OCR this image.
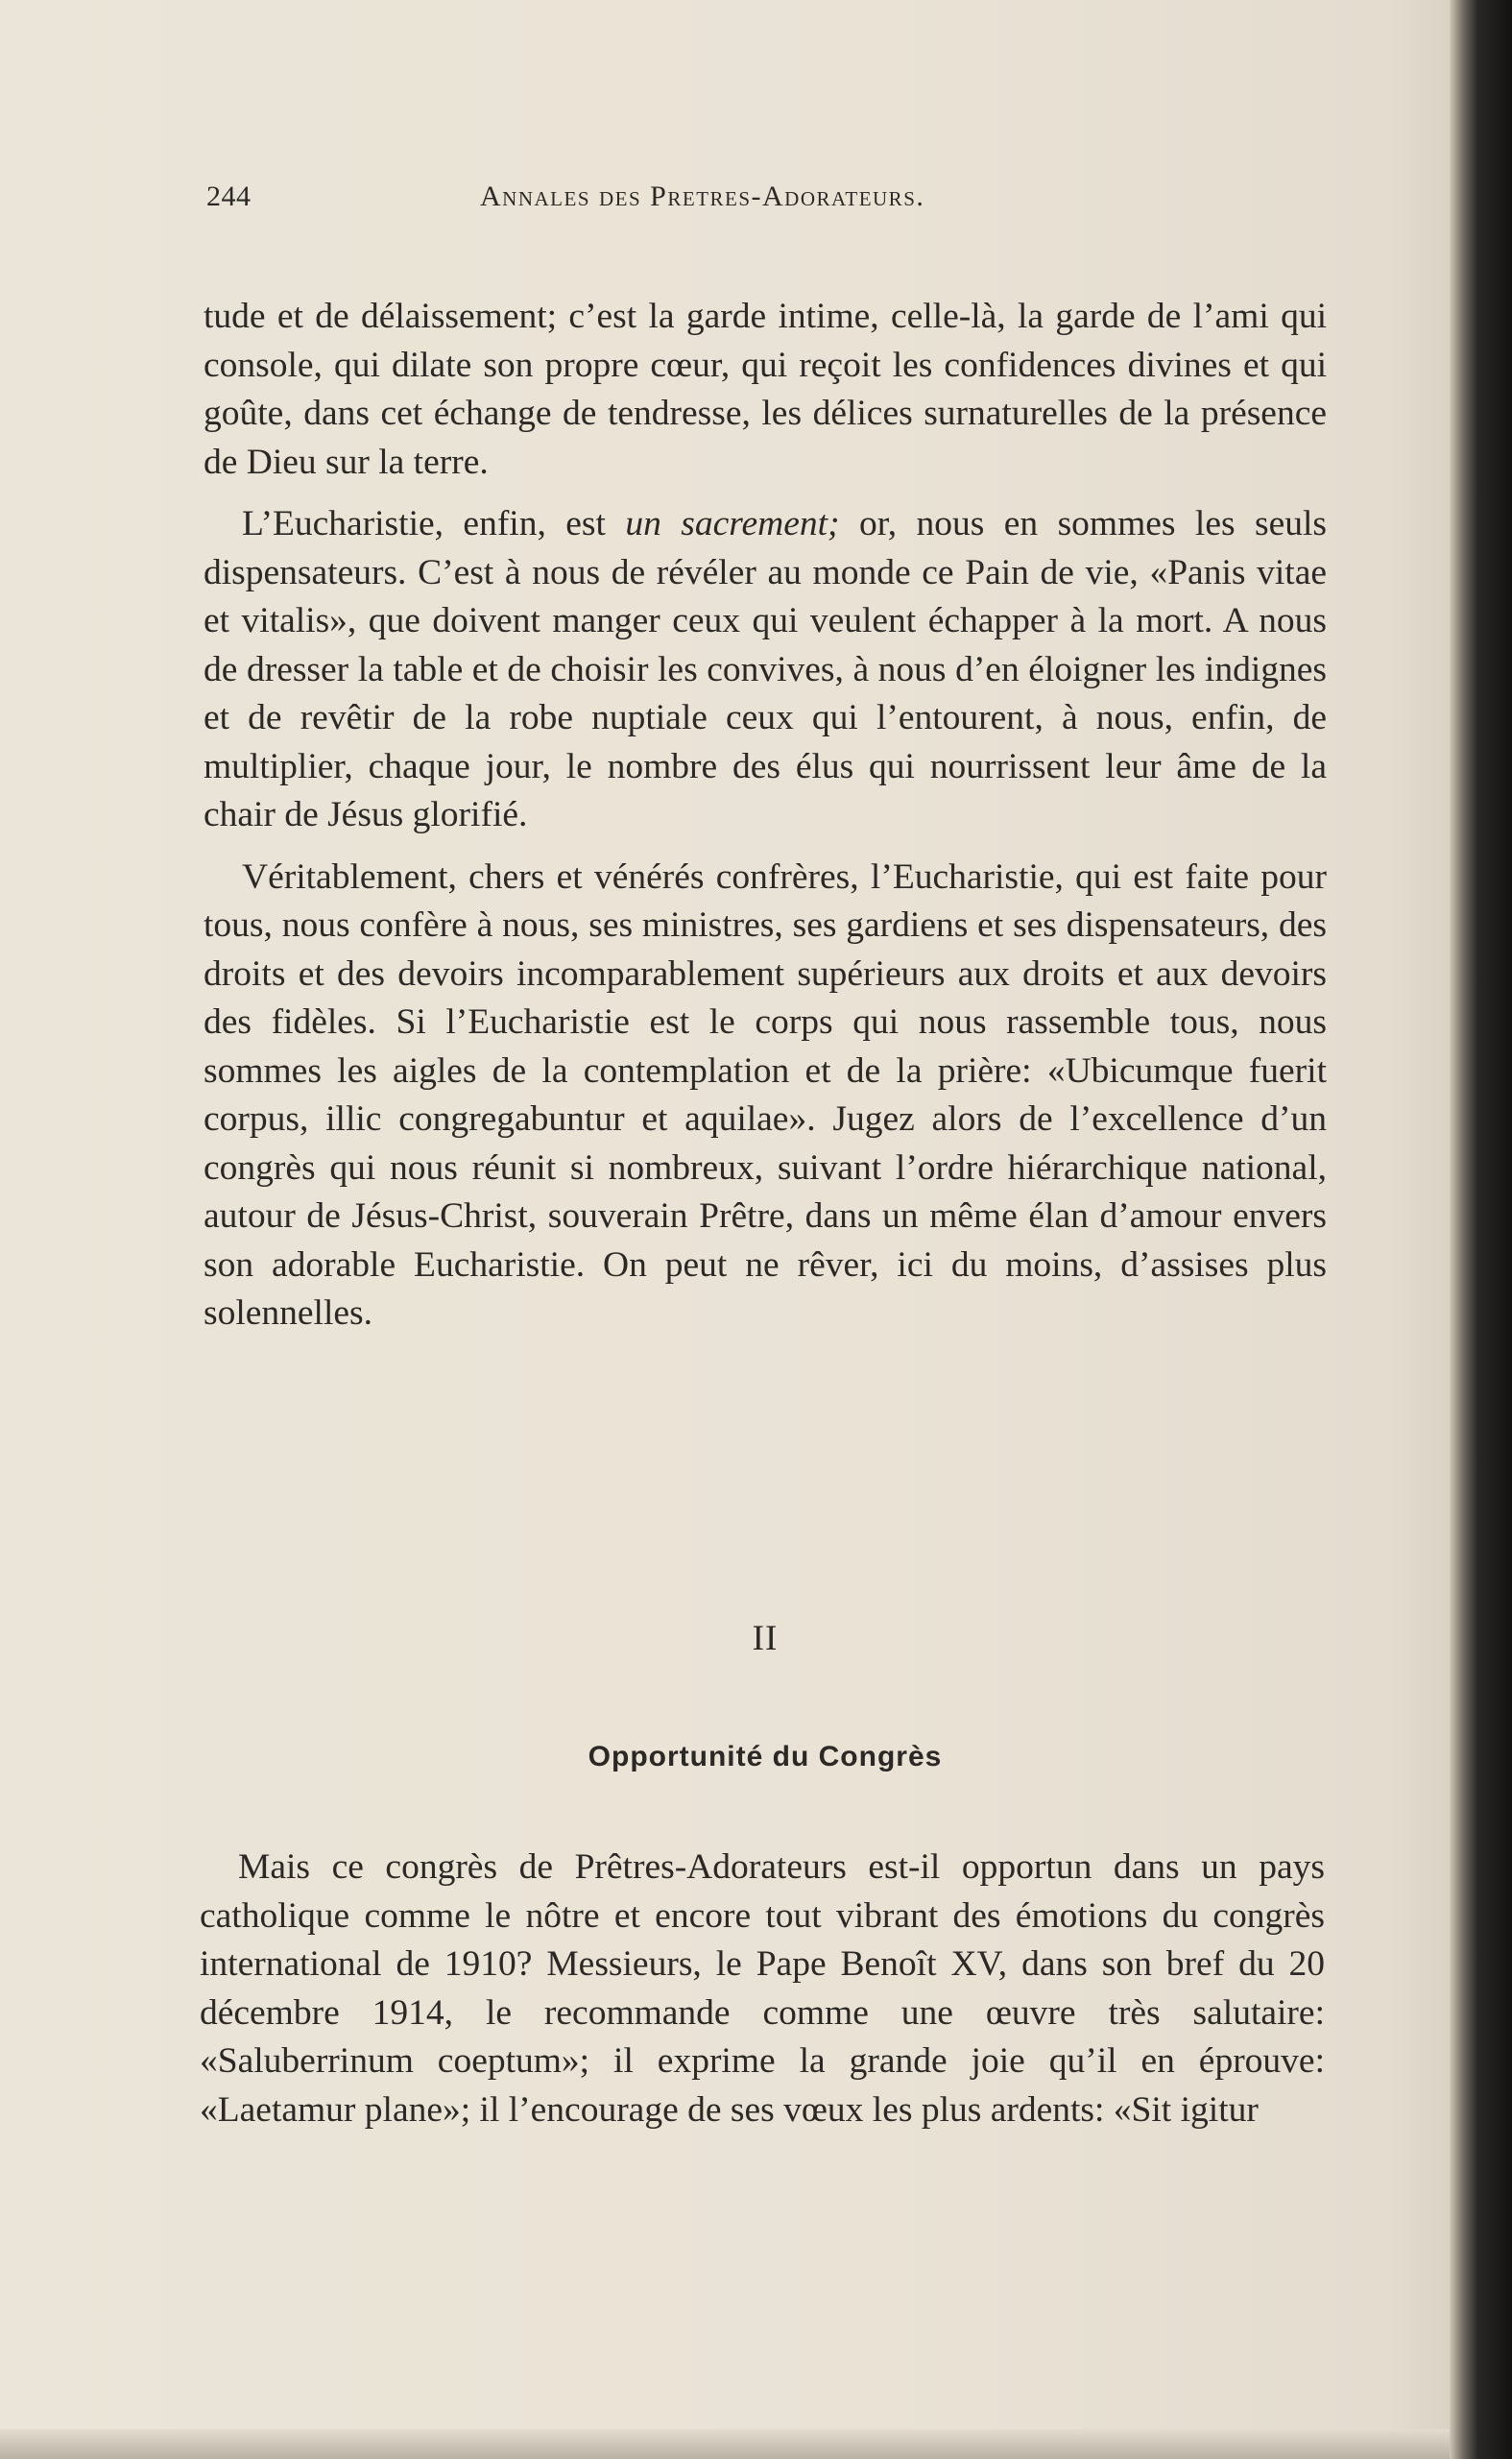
244	Annales des Pretres-Adorateurs.

tude et de délaissement; c’est la garde intime, celle-là, la garde de l’ami qui console, qui dilate son propre cœur, qui reçoit les confidences divines et qui goûte, dans cet échange de tendresse, les délices surnaturelles de la présence de Dieu sur la terre.

L’Eucharistie, enfin, est un sacrement; or, nous en sommes les seuls dispensateurs. C’est à nous de révéler au monde ce Pain de vie, «Panis vitae et vitalis», que doivent manger ceux qui veulent échapper à la mort. A nous de dresser la table et de choisir les convives, à nous d’en éloigner les indignes et de revêtir de la robe nuptiale ceux qui l’entourent, à nous, enfin, de multiplier, chaque jour, le nombre des élus qui nourrissent leur âme de la chair de Jésus glorifié.

Véritablement, chers et vénérés confrères, l’Eucharistie, qui est faite pour tous, nous confère à nous, ses ministres, ses gardiens et ses dispensateurs, des droits et des devoirs incomparablement supérieurs aux droits et aux devoirs des fidèles. Si l’Eucharistie est le corps qui nous rassemble tous, nous sommes les aigles de la contemplation et de la prière: «Ubicumque fuerit corpus, illic congregabuntur et aquilae». Jugez alors de l’excellence d’un congrès qui nous réunit si nombreux, suivant l’ordre hiérarchique national, autour de Jésus-Christ, souverain Prêtre, dans un même élan d’amour envers son adorable Eucharistie. On peut ne rêver, ici du moins, d’assises plus solennelles.

II
Opportunité du Congrès

Mais ce congrès de Prêtres-Adorateurs est-il opportun dans un pays catholique comme le nôtre et encore tout vibrant des émotions du congrès international de 1910? Messieurs, le Pape Benoît XV, dans son bref du 20 décembre 1914, le recommande comme une œuvre très salutaire: «Saluberrinum coeptum»; il exprime la grande joie qu’il en éprouve: «Laetamur plane»; il l’encourage de ses vœux les plus ardents: «Sit igitur
